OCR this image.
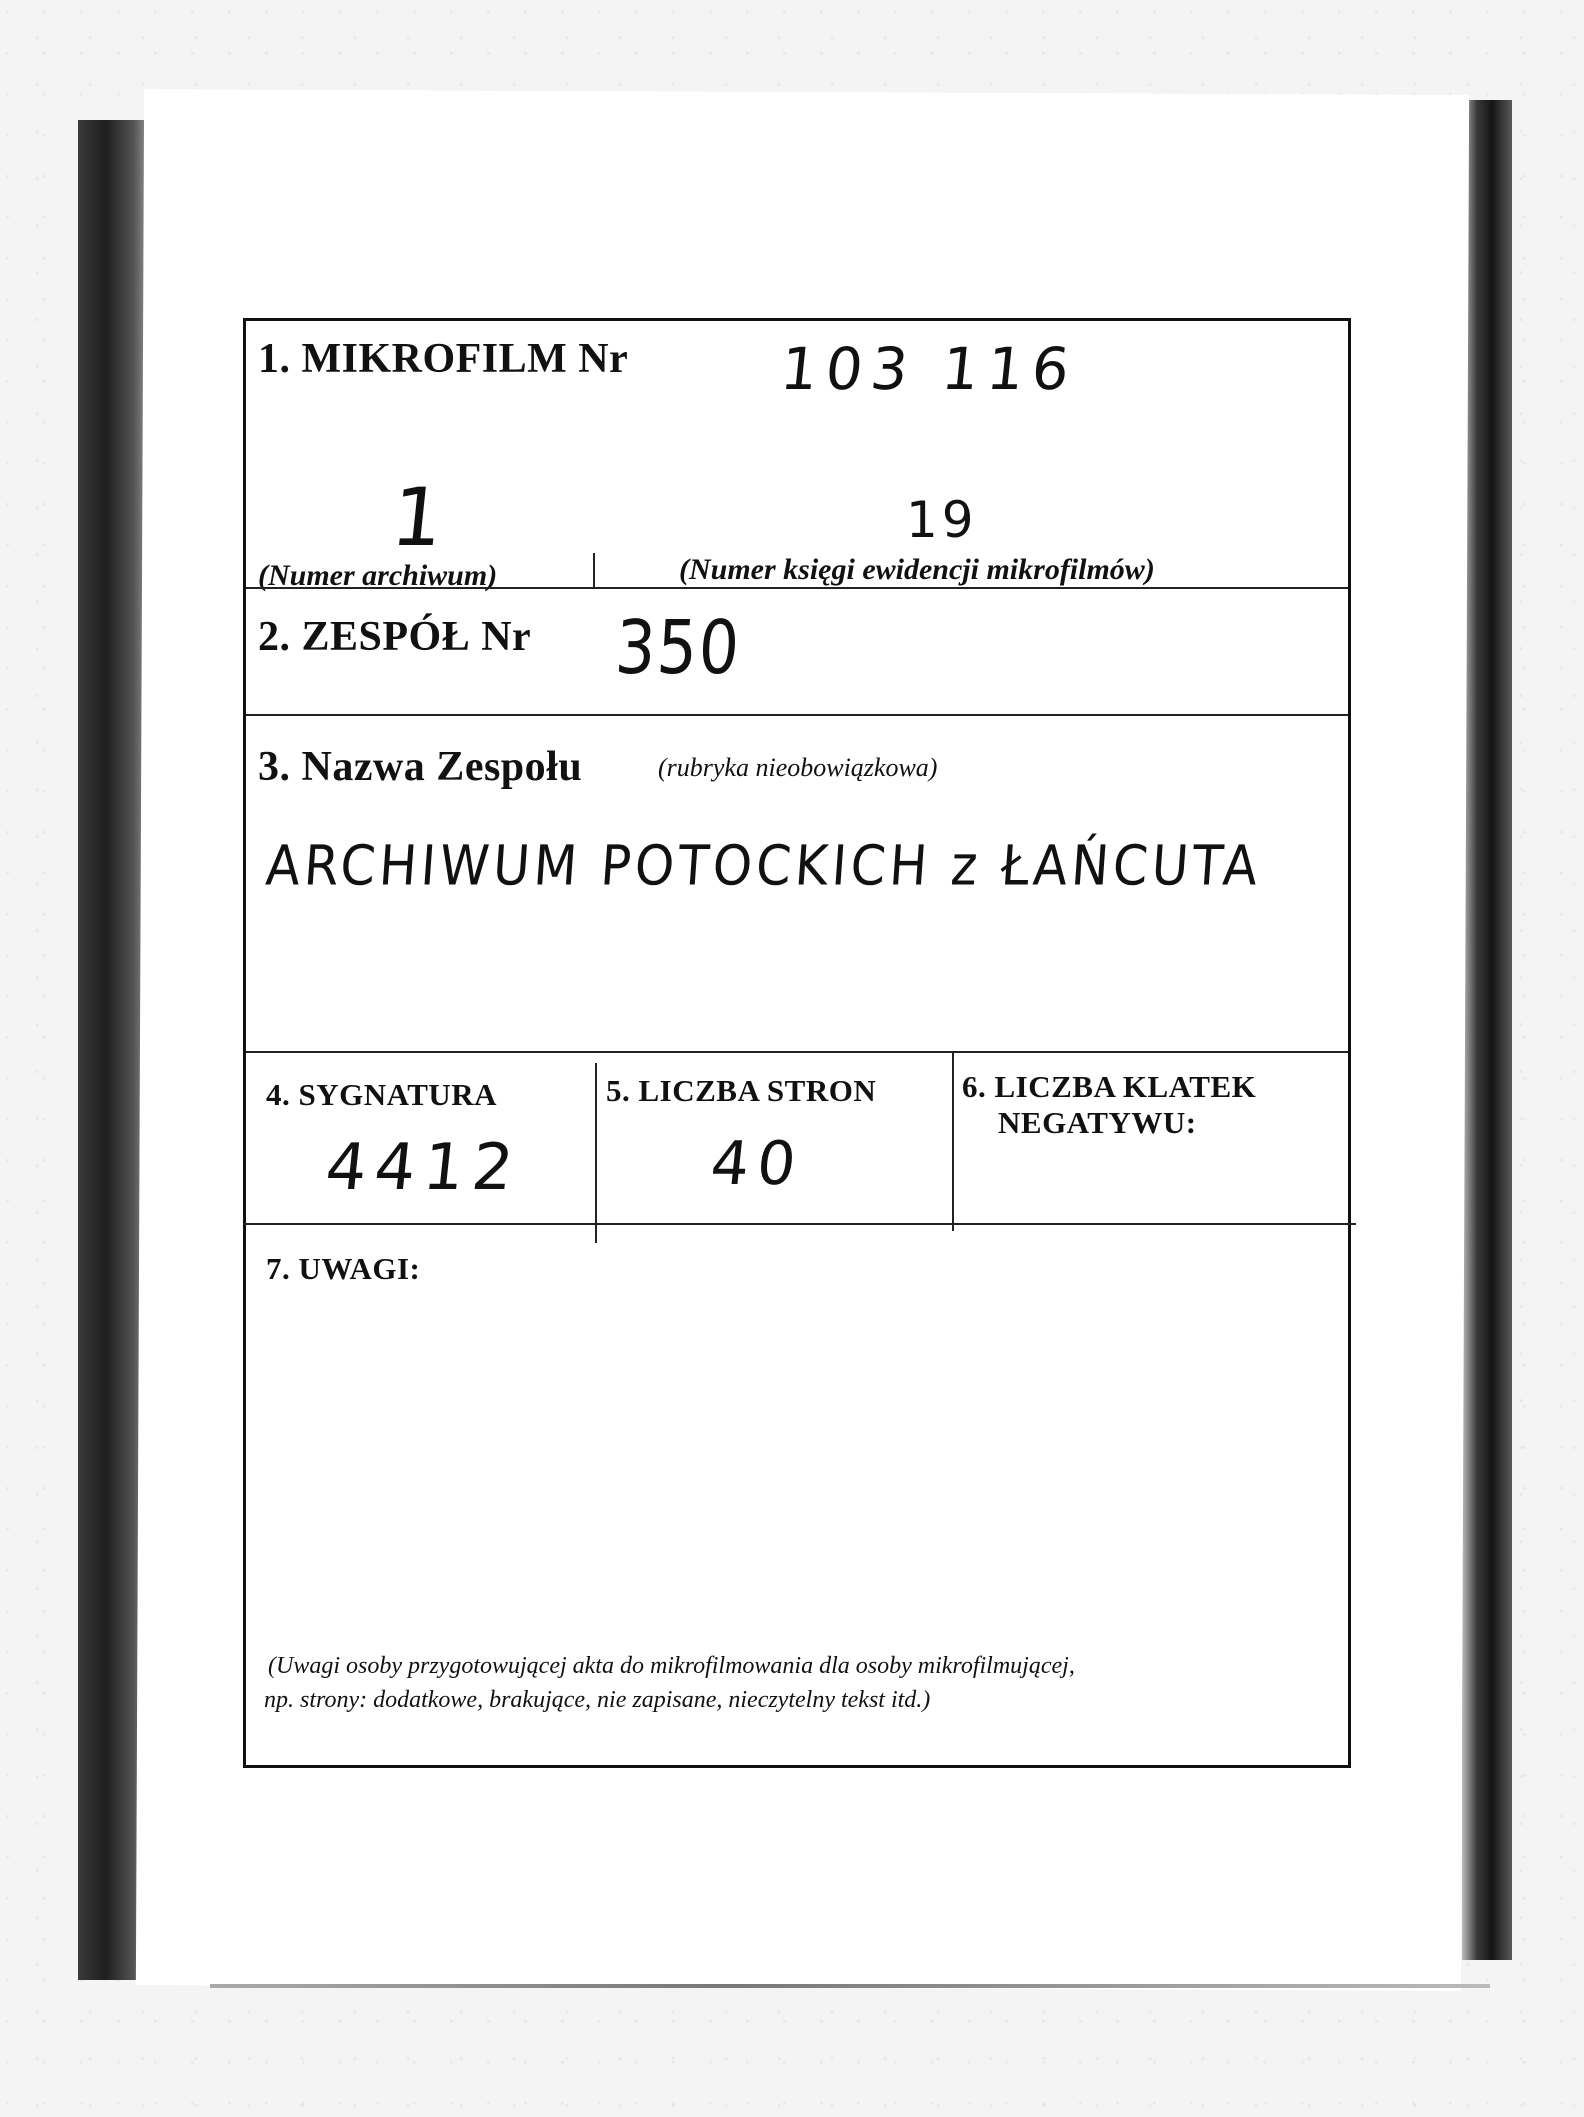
1. MIKROFILM Nr	103 116
1	19
(Numer archiwum)	(Numer księgi ewidencji mikrofilmów)
2. ZESPÓŁ Nr 350
3. Nazwa Zespołu	(rubryka nieobowiązkowa)
ARCHIWUM POTOCKICH z ŁAŃCUTA
4. SYGNATURA
4412
5. LICZBA STRON
40
6. LICZBA KLATEK
NEGATYWU:
7. UWAGI:
(Uwagi osoby przygotowującej akta do mikrofilmowania dla osoby mikrofilmującej,
np. strony: dodatkowe, brakujące, nie zapisane, nieczytelny tekst itd.)
